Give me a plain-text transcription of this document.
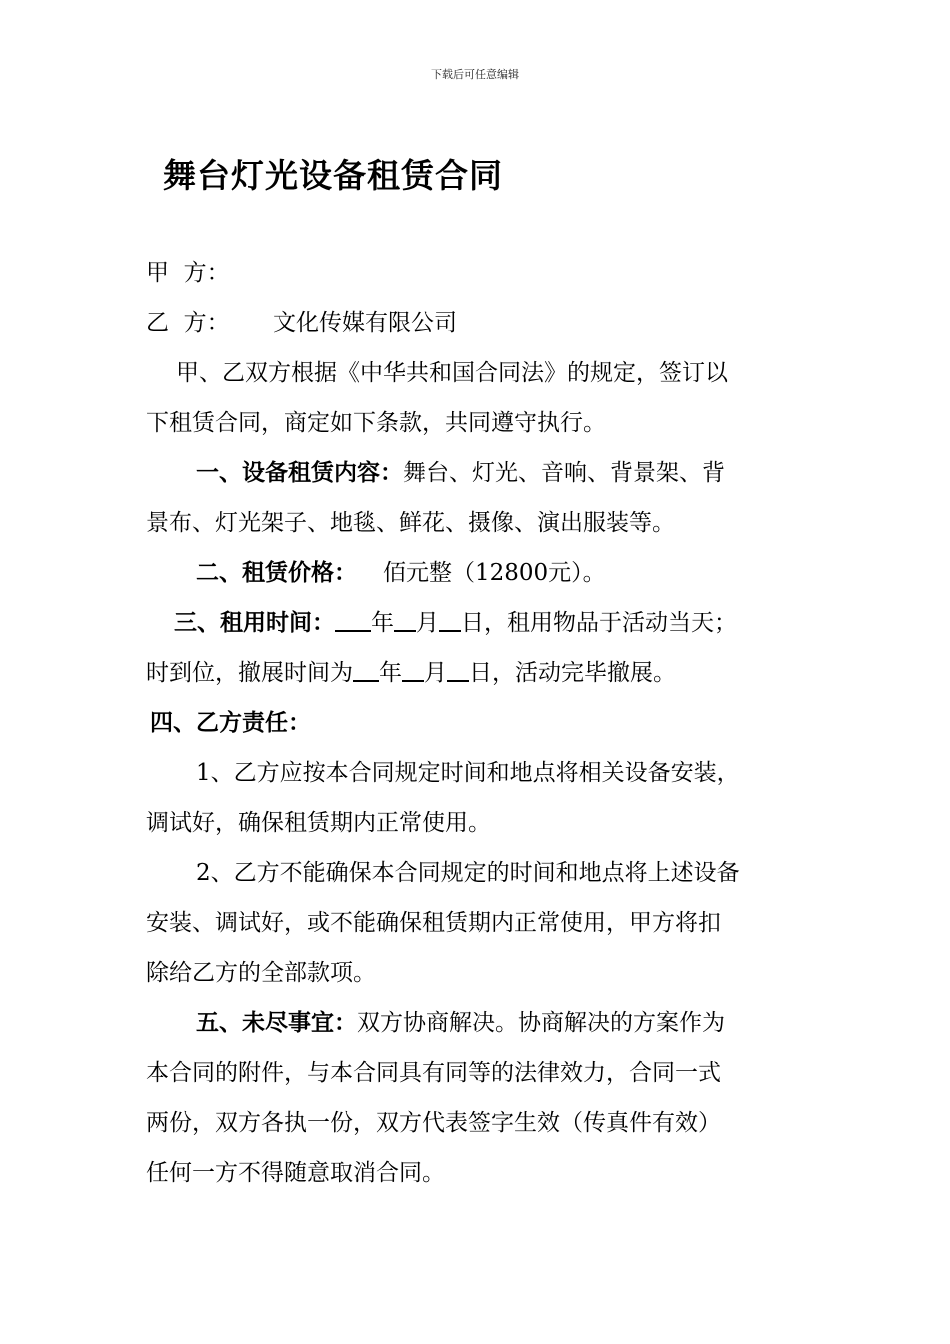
下载后可任意编辑
舞台灯光设备租赁合同
甲  方：
乙  方： 文化传媒有限公司
甲、乙双方根据《中华共和国合同法》的规定，签订以
下租赁合同，商定如下条款，共同遵守执行。
一、设备租赁内容：舞台、灯光、音响、背景架、背
景布、灯光架子、地毯、鲜花、摄像、演出服装等。
二、租赁价格： 佰元整（12800元）。
三、租用时间： 年 月 日，租用物品于活动当天；
时到位，撤展时间为 年 月 日，活动完毕撤展。
四、乙方责任：
1、乙方应按本合同规定时间和地点将相关设备安装，
调试好，确保租赁期内正常使用。
2、乙方不能确保本合同规定的时间和地点将上述设备
安装、调试好，或不能确保租赁期内正常使用，甲方将扣
除给乙方的全部款项。
五、未尽事宜：双方协商解决。协商解决的方案作为
本合同的附件，与本合同具有同等的法律效力，合同一式
两份，双方各执一份，双方代表签字生效（传真件有效）
任何一方不得随意取消合同。
